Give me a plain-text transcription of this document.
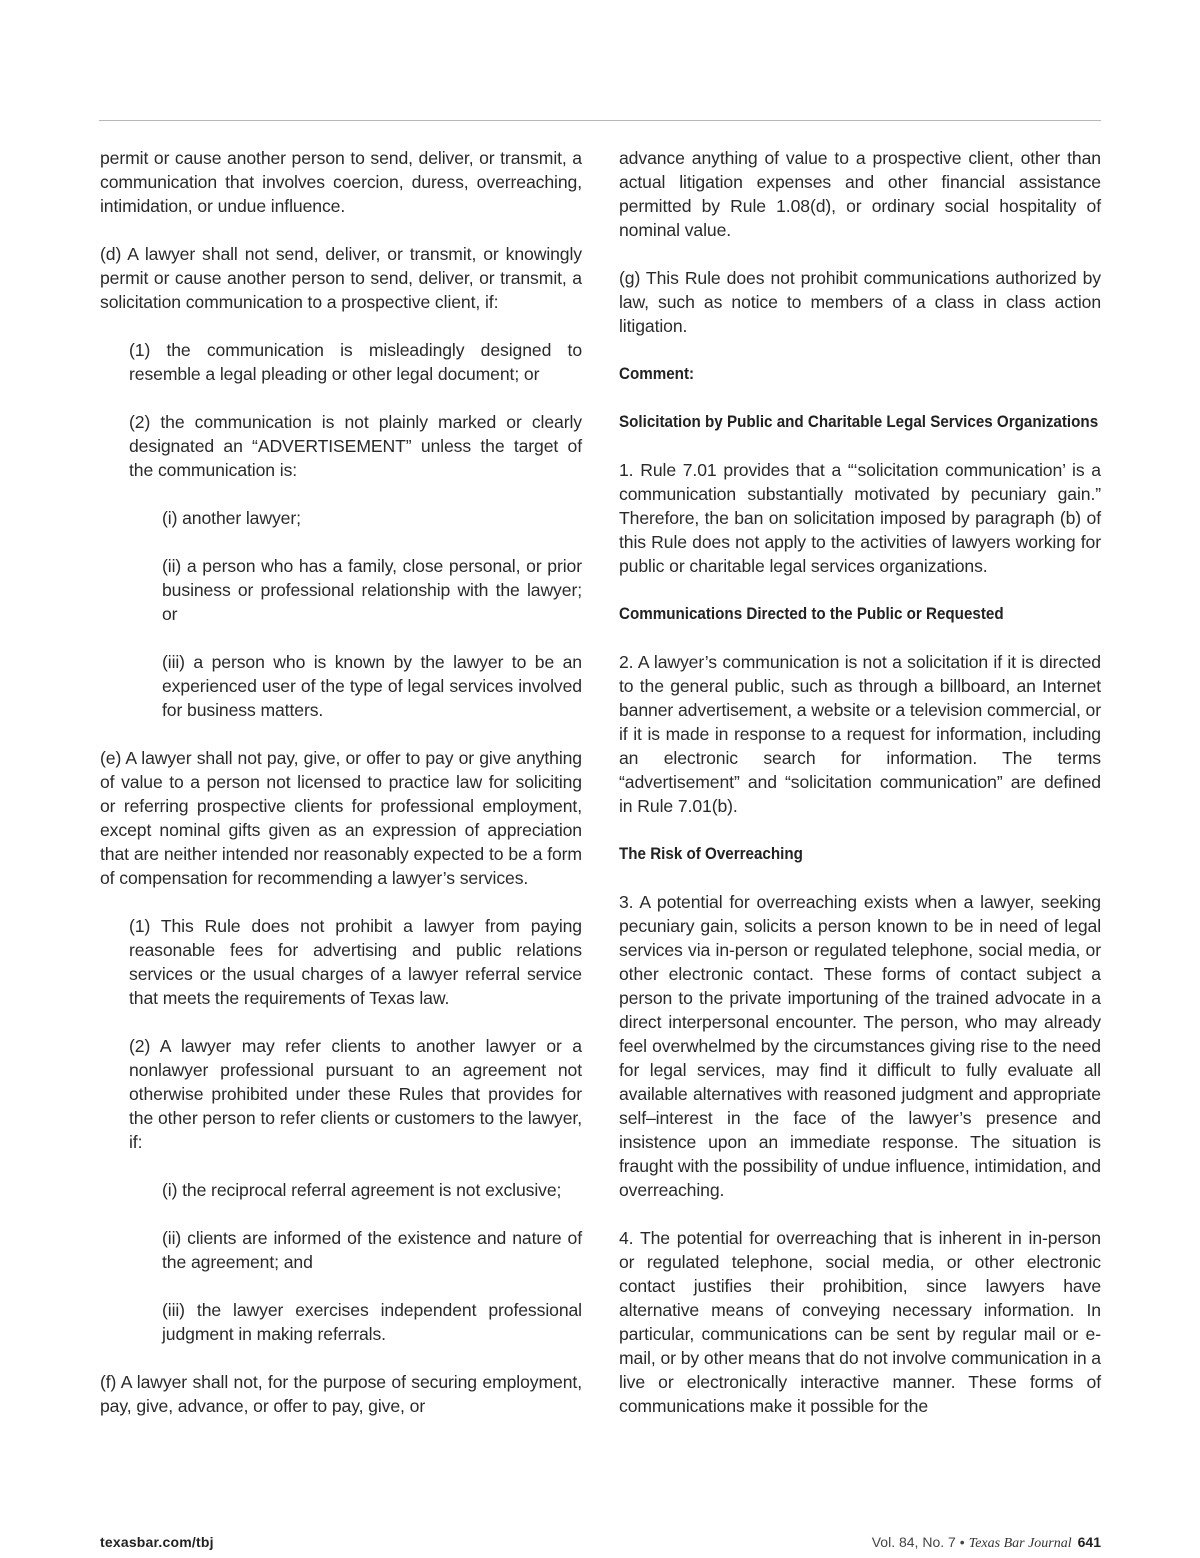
permit or cause another person to send, deliver, or transmit, a communication that involves coercion, duress, overreaching, intimidation, or undue influence.

(d) A lawyer shall not send, deliver, or transmit, or knowingly permit or cause another person to send, deliver, or transmit, a solicitation communication to a prospective client, if:

(1) the communication is misleadingly designed to resemble a legal pleading or other legal document; or

(2) the communication is not plainly marked or clearly designated an “ADVERTISEMENT” unless the target of the communication is:

(i) another lawyer;

(ii) a person who has a family, close personal, or prior business or professional relationship with the lawyer; or

(iii) a person who is known by the lawyer to be an experienced user of the type of legal services involved for business matters.

(e) A lawyer shall not pay, give, or offer to pay or give anything of value to a person not licensed to practice law for soliciting or referring prospective clients for professional employment, except nominal gifts given as an expression of appreciation that are neither intended nor reasonably expected to be a form of compensation for recommending a lawyer’s services.

(1) This Rule does not prohibit a lawyer from paying reasonable fees for advertising and public relations services or the usual charges of a lawyer referral service that meets the requirements of Texas law.

(2) A lawyer may refer clients to another lawyer or a nonlawyer professional pursuant to an agreement not otherwise prohibited under these Rules that provides for the other person to refer clients or customers to the lawyer, if:

(i) the reciprocal referral agreement is not exclusive;

(ii) clients are informed of the existence and nature of the agreement; and

(iii) the lawyer exercises independent professional judgment in making referrals.

(f) A lawyer shall not, for the purpose of securing employment, pay, give, advance, or offer to pay, give, or

advance anything of value to a prospective client, other than actual litigation expenses and other financial assistance permitted by Rule 1.08(d), or ordinary social hospitality of nominal value.

(g) This Rule does not prohibit communications authorized by law, such as notice to members of a class in class action litigation.

Comment:

Solicitation by Public and Charitable Legal Services Organizations

1. Rule 7.01 provides that a “‘solicitation communication’ is a communication substantially motivated by pecuniary gain.” Therefore, the ban on solicitation imposed by paragraph (b) of this Rule does not apply to the activities of lawyers working for public or charitable legal services organizations.

Communications Directed to the Public or Requested

2. A lawyer’s communication is not a solicitation if it is directed to the general public, such as through a billboard, an Internet banner advertisement, a website or a television commercial, or if it is made in response to a request for information, including an electronic search for information. The terms “advertisement” and “solicitation communication” are defined in Rule 7.01(b).

The Risk of Overreaching

3. A potential for overreaching exists when a lawyer, seeking pecuniary gain, solicits a person known to be in need of legal services via in-person or regulated telephone, social media, or other electronic contact. These forms of contact subject a person to the private importuning of the trained advocate in a direct interpersonal encounter. The person, who may already feel overwhelmed by the circumstances giving rise to the need for legal services, may find it difficult to fully evaluate all available alternatives with reasoned judgment and appropriate self–interest in the face of the lawyer’s presence and insistence upon an immediate response. The situation is fraught with the possibility of undue influence, intimidation, and overreaching.

4. The potential for overreaching that is inherent in in-person or regulated telephone, social media, or other electronic contact justifies their prohibition, since lawyers have alternative means of conveying necessary information. In particular, communications can be sent by regular mail or e-mail, or by other means that do not involve communication in a live or electronically interactive manner. These forms of communications make it possible for the

texasbar.com/tbj	Vol. 84, No. 7 • Texas Bar Journal 641
